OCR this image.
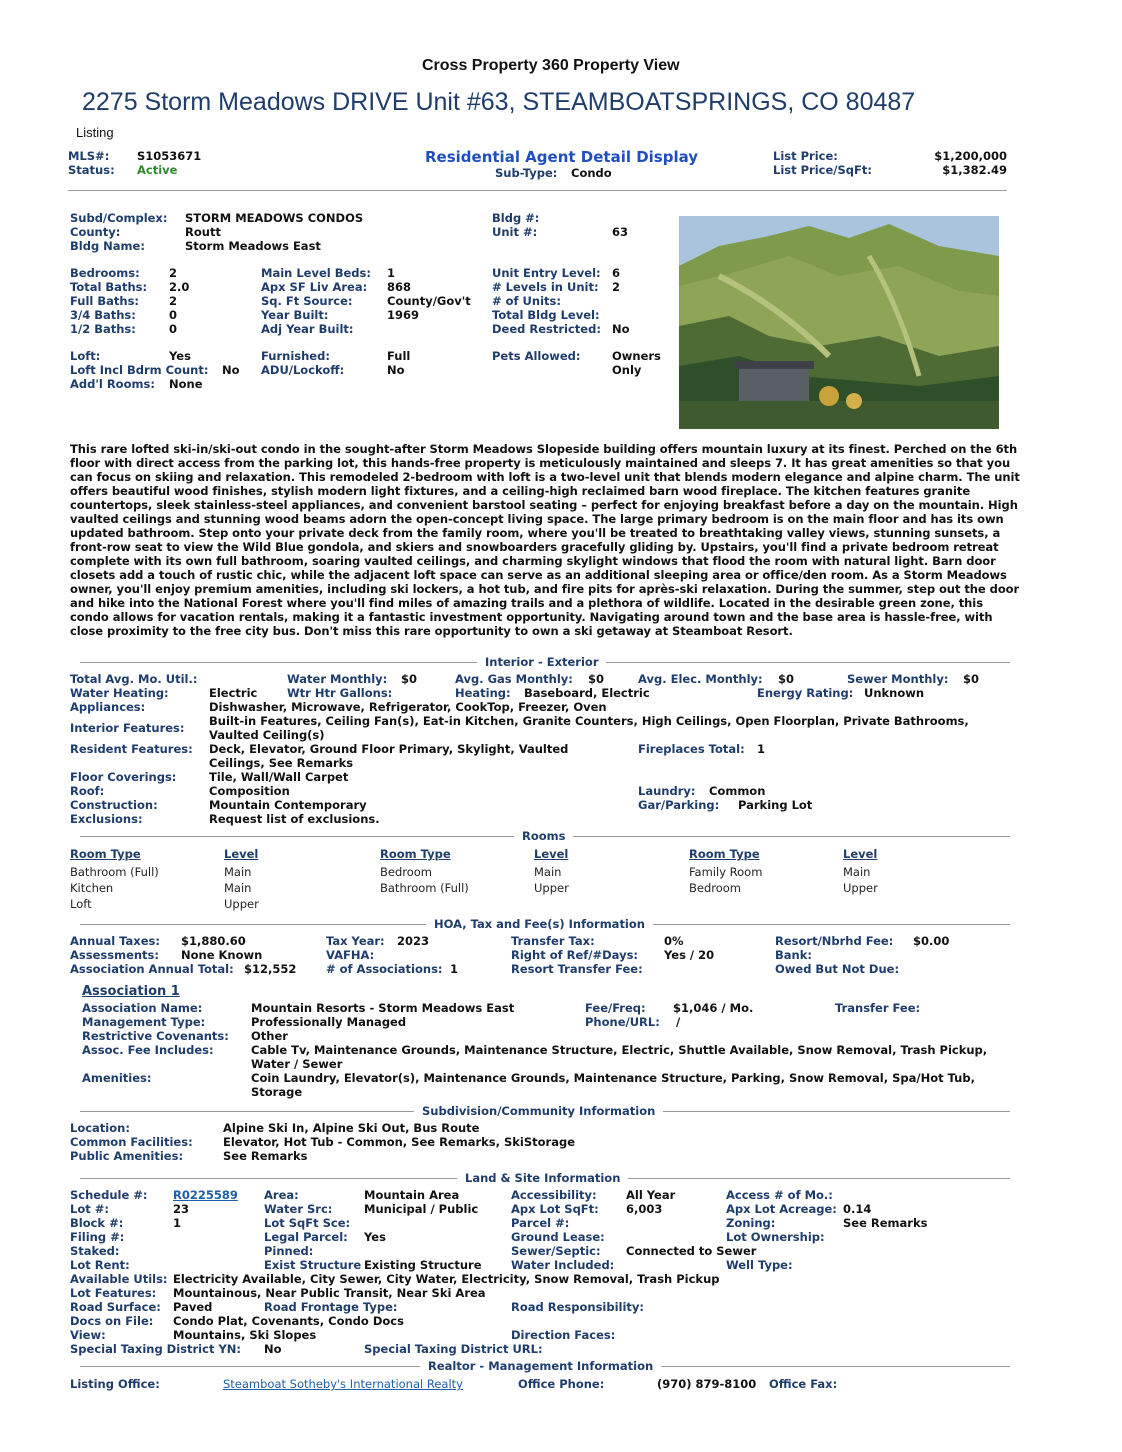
Cross Property 360 Property View
2275 Storm Meadows DRIVE Unit #63, STEAMBOATSPRINGS, CO 80487
Listing
MLS#: S1053671
Status: Active
Residential Agent Detail Display
Sub-Type: Condo
List Price:	$1,200,000
List Price/SqFt:	$1,382.49
Subd/Complex: STORM MEADOWS CONDOS
County:	Routt
Bldg Name:	Storm Meadows East
Bldg #:
Unit #:	63
Bedrooms:	2
Total Baths: 2.0
Full Baths:	2
3/4 Baths:	0
1/2 Baths:	0
Main Level Beds: 1
Apx SF Liv Area: 868
Sq. Ft Source:	County/Gov't
Year Built:	1969
Adj Year Built:
Unit Entry Level: 6
# Levels in Unit: 2
# of Units:
Total Bldg Level:
Deed Restricted: No
Loft:	Yes
Loft Incl Bdrm Count: No
Add'l Rooms: None
Furnished:	Full
ADU/Lockoff:	No
Pets Allowed:	Owners
Only
This rare lofted ski-in/ski-out condo in the sought-after Storm Meadows Slopeside building offers mountain luxury at its finest. Perched on the 6th floor with direct access from the parking lot, this hands-free property is meticulously maintained and sleeps 7. It has great amenities so that you can focus on skiing and relaxation. This remodeled 2-bedroom with loft is a two-level unit that blends modern elegance and alpine charm. The unit offers beautiful wood finishes, stylish modern light fixtures, and a ceiling-high reclaimed barn wood fireplace. The kitchen features granite countertops, sleek stainless-steel appliances, and convenient barstool seating – perfect for enjoying breakfast before a day on the mountain. High vaulted ceilings and stunning wood beams adorn the open-concept living space. The large primary bedroom is on the main floor and has its own updated bathroom. Step onto your private deck from the family room, where you'll be treated to breathtaking valley views, stunning sunsets, a front-row seat to view the Wild Blue gondola, and skiers and snowboarders gracefully gliding by. Upstairs, you'll find a private bedroom retreat complete with its own full bathroom, soaring vaulted ceilings, and charming skylight windows that flood the room with natural light. Barn door closets add a touch of rustic chic, while the adjacent loft space can serve as an additional sleeping area or office/den room. As a Storm Meadows owner, you'll enjoy premium amenities, including ski lockers, a hot tub, and fire pits for après-ski relaxation. During the summer, step out the door and hike into the National Forest where you'll find miles of amazing trails and a plethora of wildlife. Located in the desirable green zone, this condo allows for vacation rentals, making it a fantastic investment opportunity. Navigating around town and the base area is hassle-free, with close proximity to the free city bus. Don't miss this rare opportunity to own a ski getaway at Steamboat Resort.
Interior - Exterior
Total Avg. Mo. Util.:	Water Monthly: $0	Avg. Gas Monthly: $0	Avg. Elec. Monthly: $0	Sewer Monthly: $0
Water Heating:	Electric	Wtr Htr Gallons:	Heating: Baseboard, Electric	Energy Rating: Unknown
Appliances:	Dishwasher, Microwave, Refrigerator, CookTop, Freezer, Oven
Interior Features: Built-in Features, Ceiling Fan(s), Eat-in Kitchen, Granite Counters, High Ceilings, Open Floorplan, Private Bathrooms,
Vaulted Ceiling(s)
Resident Features: Deck, Elevator, Ground Floor Primary, Skylight, Vaulted
Ceilings, See Remarks
Fireplaces Total: 1
Floor Coverings:	Tile, Wall/Wall Carpet
Roof:	Composition	Laundry: Common
Construction:	Mountain Contemporary	Gar/Parking: Parking Lot
Exclusions:	Request list of exclusions.
Rooms
Room Type	Level	Room Type	Level	Room Type	Level
Bathroom (Full)	Main	Bedroom	Main	Family Room	Main
Kitchen	Main	Bathroom (Full)	Upper	Bedroom	Upper
Loft	Upper
HOA, Tax and Fee(s) Information
Annual Taxes: $1,880.60	Tax Year: 2023	Transfer Tax:	0%	Resort/Nbrhd Fee: $0.00
Assessments: None Known	VAFHA:	Right of Ref/#Days: Yes / 20	Bank:
Association Annual Total: $12,552	# of Associations: 1	Resort Transfer Fee:	Owed But Not Due:
Association 1
Association Name:	Mountain Resorts - Storm Meadows East	Fee/Freq: $1,046 / Mo.	Transfer Fee:
Management Type:	Professionally Managed	Phone/URL: /
Restrictive Covenants: Other
Assoc. Fee Includes:	Cable Tv, Maintenance Grounds, Maintenance Structure, Electric, Shuttle Available, Snow Removal, Trash Pickup,
Water / Sewer
Amenities:	Coin Laundry, Elevator(s), Maintenance Grounds, Maintenance Structure, Parking, Snow Removal, Spa/Hot Tub,
Storage
Subdivision/Community Information
Location:	Alpine Ski In, Alpine Ski Out, Bus Route
Common Facilities:	Elevator, Hot Tub - Common, See Remarks, SkiStorage
Public Amenities:	See Remarks
Land & Site Information
Schedule #: R0225589 Area:	Mountain Area	Accessibility:	All Year	Access # of Mo.:
Lot #:	23	Water Src:	Municipal / Public	Apx Lot SqFt: 6,003	Apx Lot Acreage: 0.14
Block #:	1	Lot SqFt Sce:	Parcel #:	Zoning:	See Remarks
Filing #:	Legal Parcel: Yes	Ground Lease:	Lot Ownership:
Staked:	Pinned:	Sewer/Septic: Connected to Sewer
Lot Rent:	Exist Structure Existing Structure	Water Included:	Well Type:
Available Utils: Electricity Available, City Sewer, City Water, Electricity, Snow Removal, Trash Pickup
Lot Features: Mountainous, Near Public Transit, Near Ski Area
Road Surface: Paved	Road Frontage Type:	Road Responsibility:
Docs on File: Condo Plat, Covenants, Condo Docs
View:	Mountains, Ski Slopes	Direction Faces:
Special Taxing District YN: No	Special Taxing District URL:
Realtor - Management Information
Listing Office:	Steamboat Sotheby's International Realty	Office Phone:	(970) 879-8100 Office Fax:
